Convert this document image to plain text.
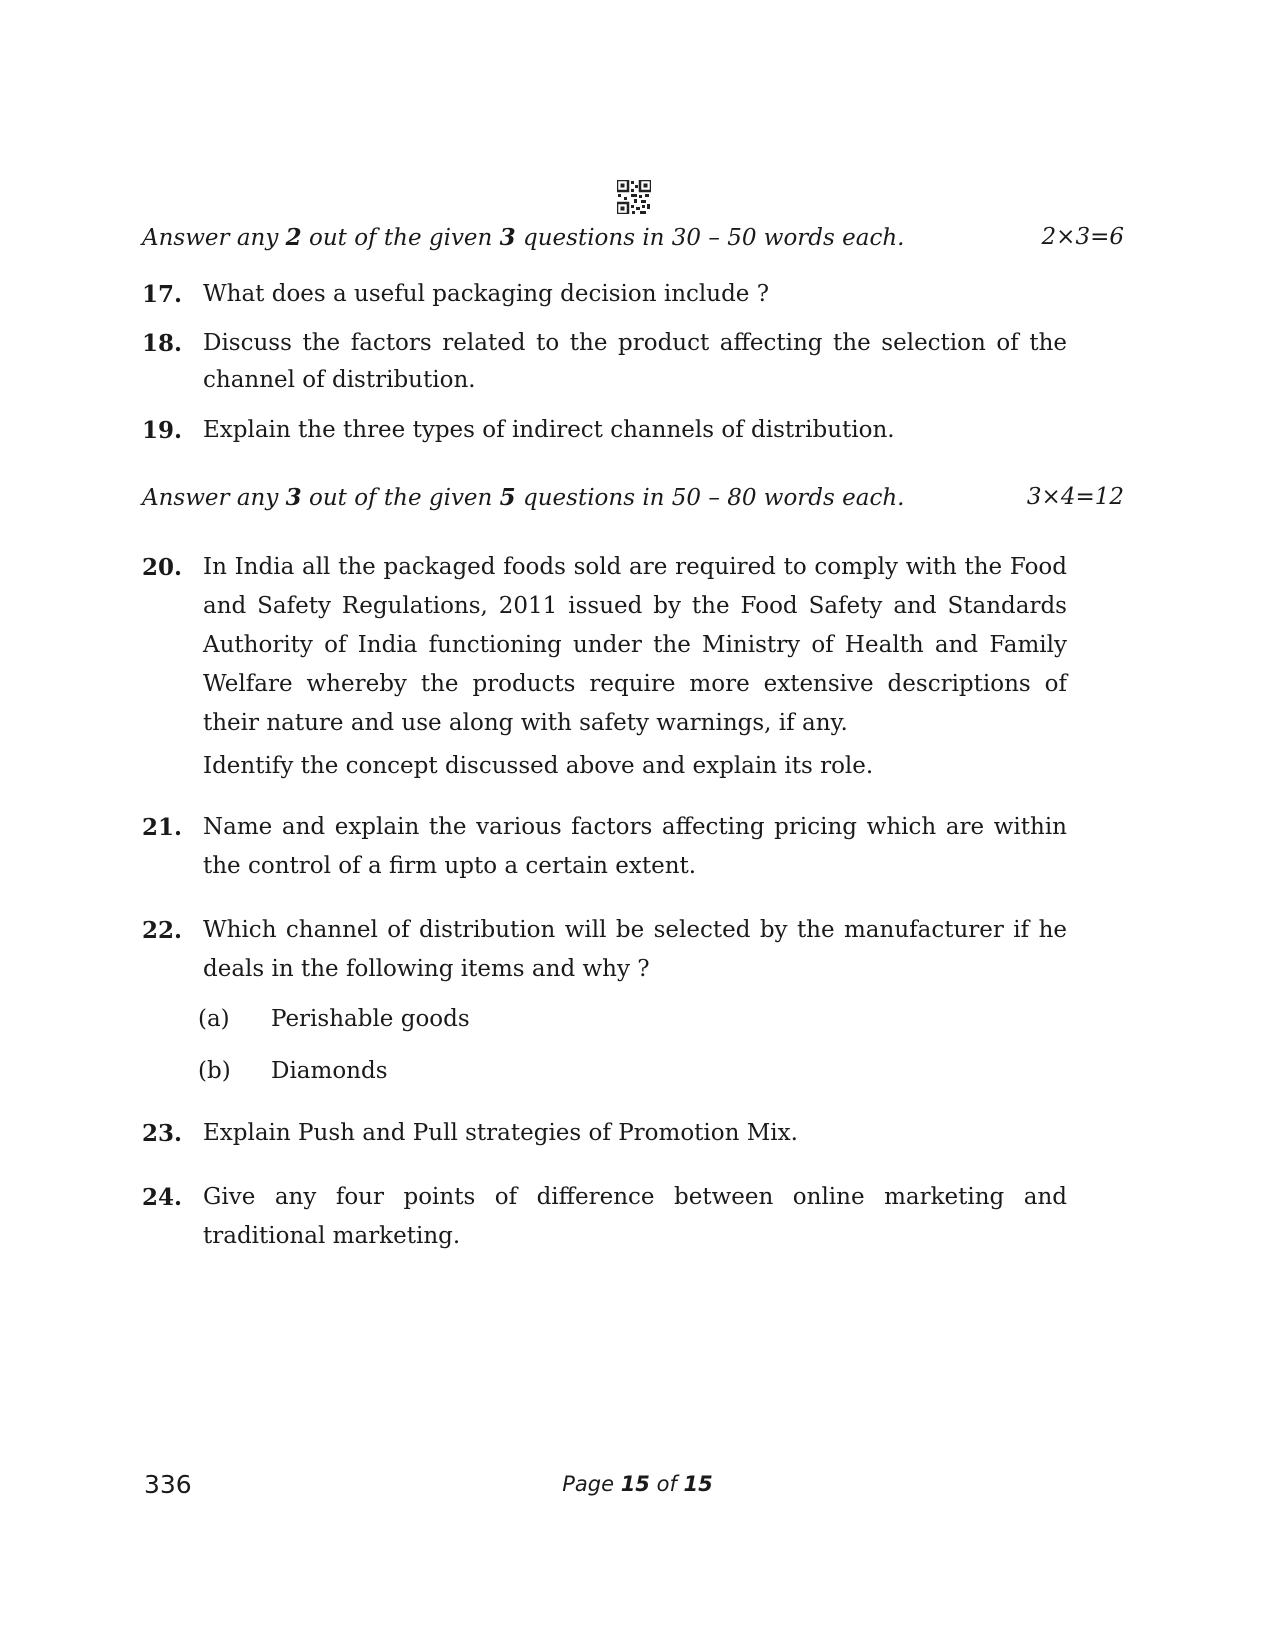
Answer any 2 out of the given 3 questions in 30 – 50 words each.	2×3=6
17. What does a useful packaging decision include ?

18. Discuss the factors related to the product affecting the selection of the channel of distribution.

19. Explain the three types of indirect channels of distribution.

Answer any 3 out of the given 5 questions in 50 – 80 words each.	3×4=12
20. In India all the packaged foods sold are required to comply with the Food and Safety Regulations, 2011 issued by the Food Safety and Standards Authority of India functioning under the Ministry of Health and Family Welfare whereby the products require more extensive descriptions of their nature and use along with safety warnings, if any.

Identify the concept discussed above and explain its role.

21. Name and explain the various factors affecting pricing which are within the control of a firm upto a certain extent.

22. Which channel of distribution will be selected by the manufacturer if he deals in the following items and why ?

(a) Perishable goods
(b) Diamonds
23. Explain Push and Pull strategies of Promotion Mix.

24. Give any four points of difference between online marketing and traditional marketing.

336	Page 15 of 15
